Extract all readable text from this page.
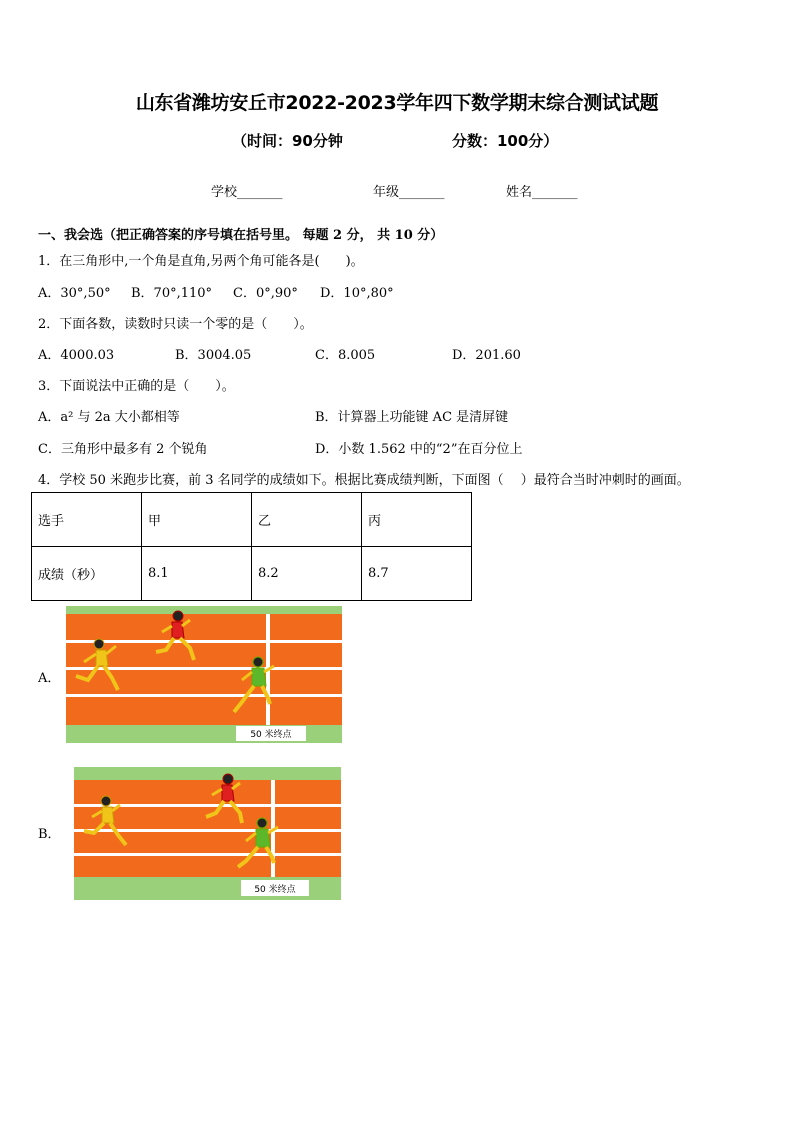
山东省潍坊安丘市2022-2023学年四下数学期末综合测试试题
（时间：90分钟	分数：100分）
学校_______	年级_______	姓名_______
一、我会选（把正确答案的序号填在括号里。 每题 2 分， 共 10 分）
1．在三角形中,一个角是直角,另两个角可能各是(　　)。
A．30°,50° B．70°,110° C．0°,90° D．10°,80°
2．下面各数，读数时只读一个零的是（　　）。
A．4000.03	B．3004.05	C．8.005	D．201.60
3．下面说法中正确的是（　　）。
A．a² 与 2a 大小都相等	B．计算器上功能键 AC 是清屏键
C．三角形中最多有 2 个锐角	D．小数 1.562 中的“2”在百分位上
4．学校 50 米跑步比赛，前 3 名同学的成绩如下。根据比赛成绩判断，下面图（　 ）最符合当时冲刺时的画面。
选手	甲	乙	丙
成绩（秒）	8.1	8.2	8.7
A．
50 米终点
B．
50 米终点
